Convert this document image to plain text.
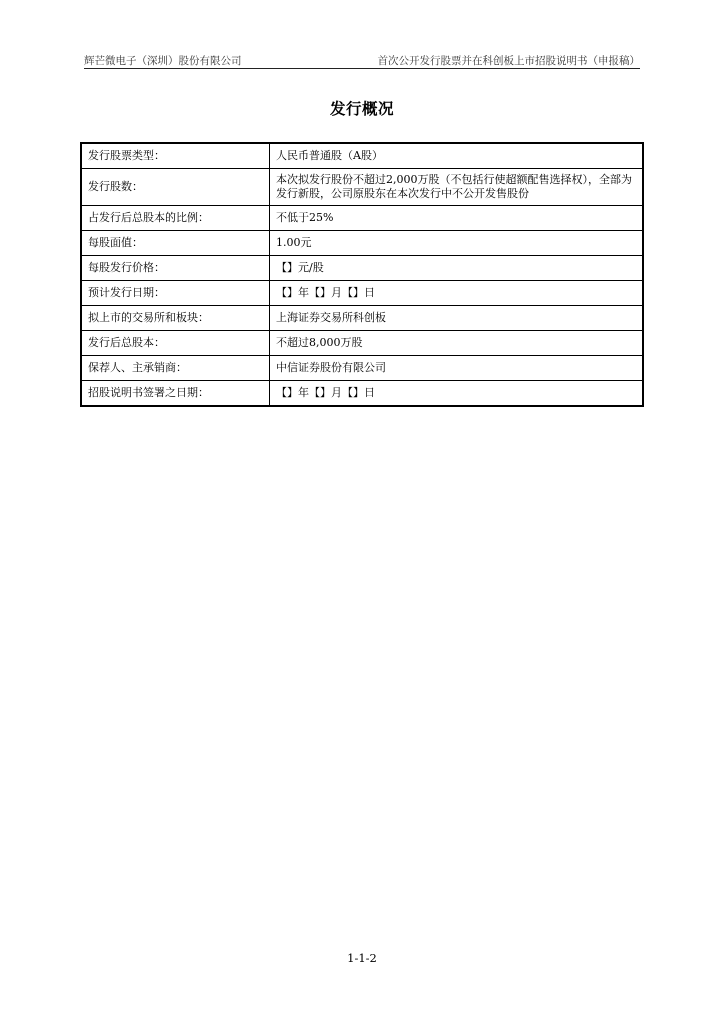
辉芒微电子（深圳）股份有限公司	首次公开发行股票并在科创板上市招股说明书（申报稿）
发行概况
发行股票类型：	人民币普通股（A股）
发行股数：	本次拟发行股份不超过2,000万股（不包括行使超额配售选择权），全部为发行新股，公司原股东在本次发行中不公开发售股份
占发行后总股本的比例：	不低于25%
每股面值：	1.00元
每股发行价格：	【】元/股
预计发行日期：	【】年【】月【】日
拟上市的交易所和板块：	上海证券交易所科创板
发行后总股本：	不超过8,000万股
保荐人、主承销商：	中信证券股份有限公司
招股说明书签署之日期：	【】年【】月【】日
1-1-2
